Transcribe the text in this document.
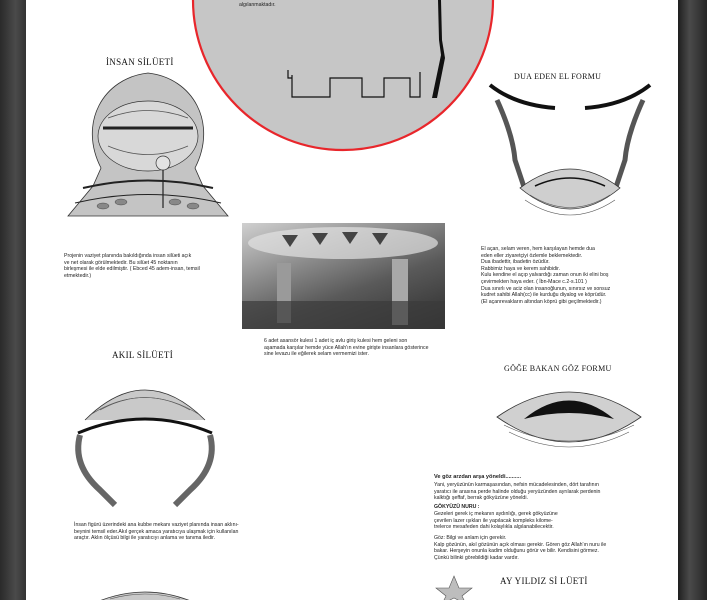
algılanmaktadır.
İNSAN SİLÜETİ
Projenin vaziyet planında bakıldığında insan silüeti açık
ve net olarak görülmektedir. Bu silüet 45 noktanın
birleşmesi ile elde edilmiştir. ( Ebced 45 adem-insan, temsil
etmektedir.)
DUA EDEN EL FORMU
El açan, selam veren, hem karşılayan hemde dua
eden eller ziyaretçiyi özlemle beklemektedir.
Dua ibadettir, ibadetin özüdür.
Rabbimiz haya ve kerem sahibidir.
Kulu kendine el açıp yalvardığı zaman onun iki elini boş
çevirmekten haya eder. ( İbn-Mace c.2-s.101 )
Dua sınırlı ve aciz olan insanoğlunun, sınırsız ve sonsuz
kudret sahibi Allah(cc) ile kurduğu diyalog ve köprüdür.
(El açanrevakların altından köprü gibi geçilmektedir.)
6 adet asansör kulesi 1 adet iç avlu giriş kulesi hem geleni son
aşamada karşılar hemde yüce Allah'ın evine girişte insanlara gösterince
sine levazu ile eğilerek selam vermemizi ister.
AKIL SİLÜETİ
İnsan figürü üzerindeki ana kubbe mekanı vaziyet planında insan aklını-
beynini temsil eder.Akıl gerçek amaca yaratıcıya ulaşmak için kullanılan
araçtır. Aklın ölçüsü bilgi ile yaratıcıyı anlama ve tanıma iledir.
GÖĞE BAKAN GÖZ FORMU
Ve göz arzdan arşa yöneldi..........
Yani, yeryüzünün karmaşasından, nefsin mücadelesinden, dört tarafının
yaratıcı ile arasına perde halinde olduğu yeryüzünden ayrılarak perdenin
kalktığı şeffaf, berrak gökyüzüne yöneldi.
GÖKYÜZÜ NURU :
Gezeleri gerek iç mekanın aydınlığı, gerek gökyüzüne
çevrilen lazer ışıkları ile yapılacak kompleks kilome-
trelerce mesafeden dahi kolaylıkla algılanabilecektir.
Göz: Bilgi ve anlam için gerekir.
Kalp gözünün, akıl gözünün açık olması gerekir. Gören göz Allah'ın nuru ile
bakar. Herşeyin onunla kadim olduğunu görür ve bilir. Kendisini görmez.
Çünkü bilinki görebildiği kadar vardır.
AY YILDIZ Sİ LÜETİ
